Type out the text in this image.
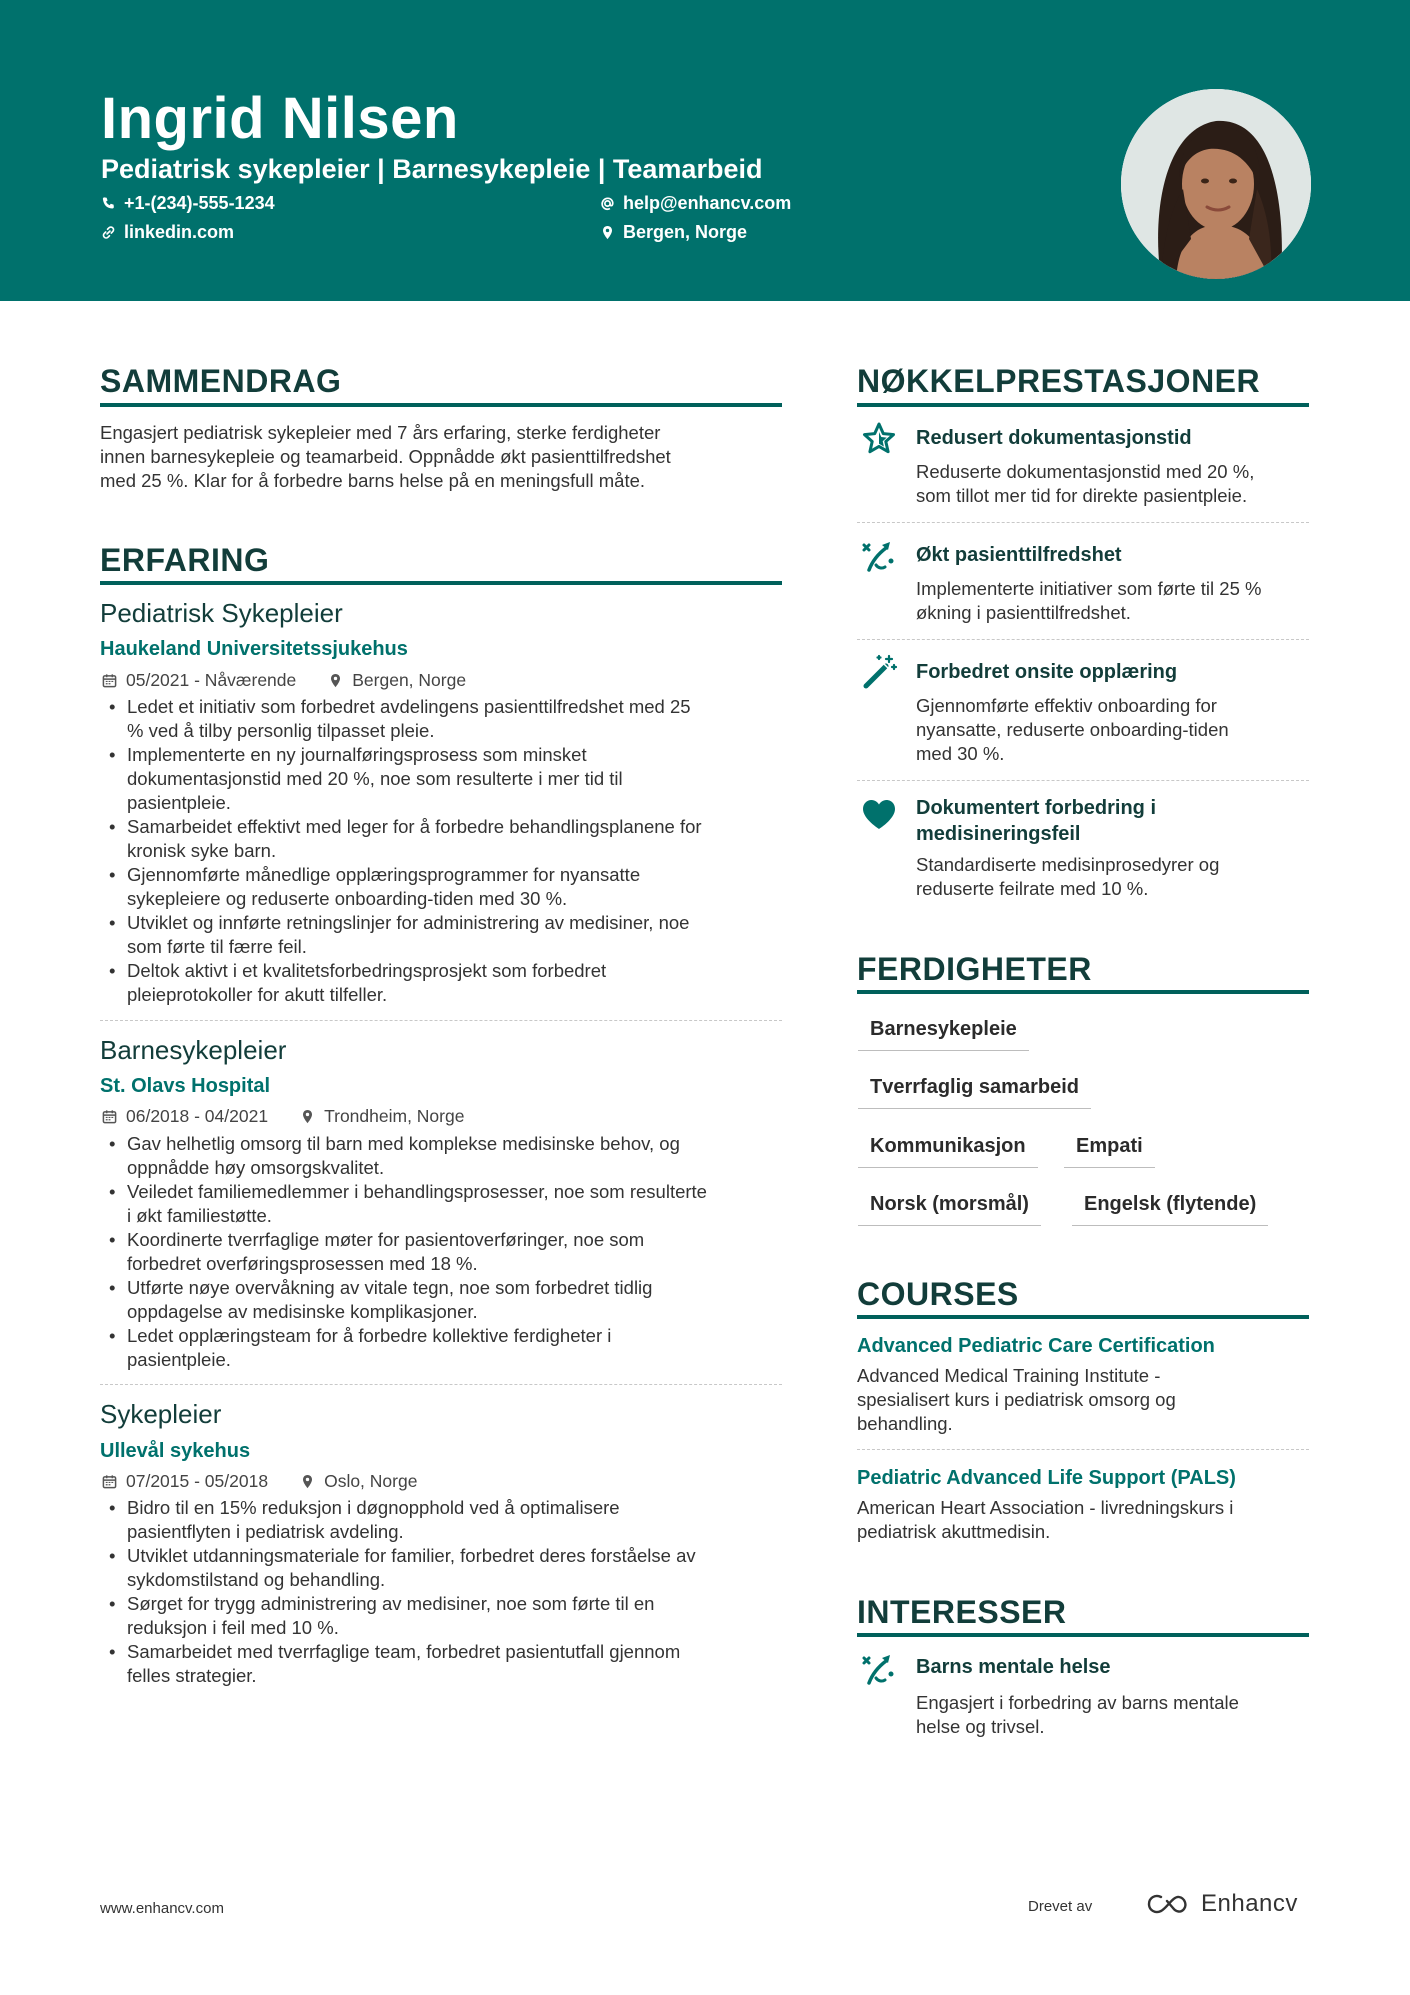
Ingrid Nilsen
Pediatrisk sykepleier | Barnesykepleie | Teamarbeid
+1-(234)-555-1234	help@enhancv.com
linkedin.com	Bergen, Norge
SAMMENDRAG
Engasjert pediatrisk sykepleier med 7 års erfaring, sterke ferdigheter
innen barnesykepleie og teamarbeid. Oppnådde økt pasienttilfredshet
med 25 %. Klar for å forbedre barns helse på en meningsfull måte.
ERFARING
Pediatrisk Sykepleier
Haukeland Universitetssjukehus
05/2021 - Nåværende	Bergen, Norge
• Ledet et initiativ som forbedret avdelingens pasienttilfredshet med 25
% ved å tilby personlig tilpasset pleie.
• Implementerte en ny journalføringsprosess som minsket
dokumentasjonstid med 20 %, noe som resulterte i mer tid til
pasientpleie.
• Samarbeidet effektivt med leger for å forbedre behandlingsplanene for
kronisk syke barn.
• Gjennomførte månedlige opplæringsprogrammer for nyansatte
sykepleiere og reduserte onboarding-tiden med 30 %.
• Utviklet og innførte retningslinjer for administrering av medisiner, noe
som førte til færre feil.
• Deltok aktivt i et kvalitetsforbedringsprosjekt som forbedret
pleieprotokoller for akutt tilfeller.
Barnesykepleier
St. Olavs Hospital
06/2018 - 04/2021	Trondheim, Norge
• Gav helhetlig omsorg til barn med komplekse medisinske behov, og
oppnådde høy omsorgskvalitet.
• Veiledet familiemedlemmer i behandlingsprosesser, noe som resulterte
i økt familiestøtte.
• Koordinerte tverrfaglige møter for pasientoverføringer, noe som
forbedret overføringsprosessen med 18 %.
• Utførte nøye overvåkning av vitale tegn, noe som forbedret tidlig
oppdagelse av medisinske komplikasjoner.
• Ledet opplæringsteam for å forbedre kollektive ferdigheter i
pasientpleie.
Sykepleier
Ullevål sykehus
07/2015 - 05/2018	Oslo, Norge
• Bidro til en 15% reduksjon i døgnopphold ved å optimalisere
pasientflyten i pediatrisk avdeling.
• Utviklet utdanningsmateriale for familier, forbedret deres forståelse av
sykdomstilstand og behandling.
• Sørget for trygg administrering av medisiner, noe som førte til en
reduksjon i feil med 10 %.
• Samarbeidet med tverrfaglige team, forbedret pasientutfall gjennom
felles strategier.
NØKKELPRESTASJONER
Redusert dokumentasjonstid
Reduserte dokumentasjonstid med 20 %,
som tillot mer tid for direkte pasientpleie.
Økt pasienttilfredshet
Implementerte initiativer som førte til 25 %
økning i pasienttilfredshet.
Forbedret onsite opplæring
Gjennomførte effektiv onboarding for
nyansatte, reduserte onboarding-tiden
med 30 %.
Dokumentert forbedring i
medisineringsfeil
Standardiserte medisinprosedyrer og
reduserte feilrate med 10 %.
FERDIGHETER
Barnesykepleie
Tverrfaglig samarbeid
Kommunikasjon	Empati
Norsk (morsmål)	Engelsk (flytende)
COURSES
Advanced Pediatric Care Certification
Advanced Medical Training Institute -
spesialisert kurs i pediatrisk omsorg og
behandling.
Pediatric Advanced Life Support (PALS)
American Heart Association - livredningskurs i
pediatrisk akuttmedisin.
INTERESSER
Barns mentale helse
Engasjert i forbedring av barns mentale
helse og trivsel.
www.enhancv.com	Drevet av	Enhancv
